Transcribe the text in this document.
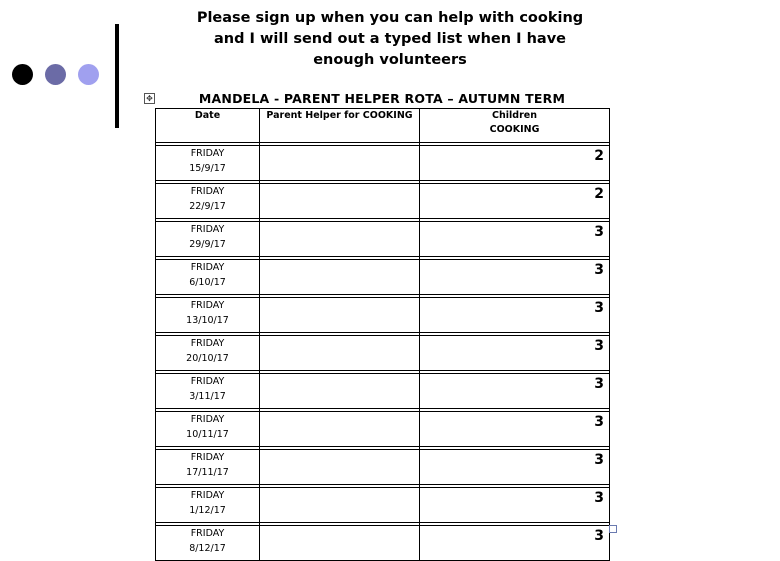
Please sign up when you can help with cooking
and I will send out a typed list when I have
enough volunteers
✥	MANDELA - PARENT HELPER ROTA – AUTUMN TERM
Date	Parent Helper for COOKING	Children
COOKING

FRIDAY
15/9/17		2

FRIDAY
22/9/17		2

FRIDAY
29/9/17		3

FRIDAY
6/10/17		3

FRIDAY
13/10/17		3

FRIDAY
20/10/17		3

FRIDAY
3/11/17		3

FRIDAY
10/11/17		3

FRIDAY
17/11/17		3

FRIDAY
1/12/17		3

FRIDAY
8/12/17		3
